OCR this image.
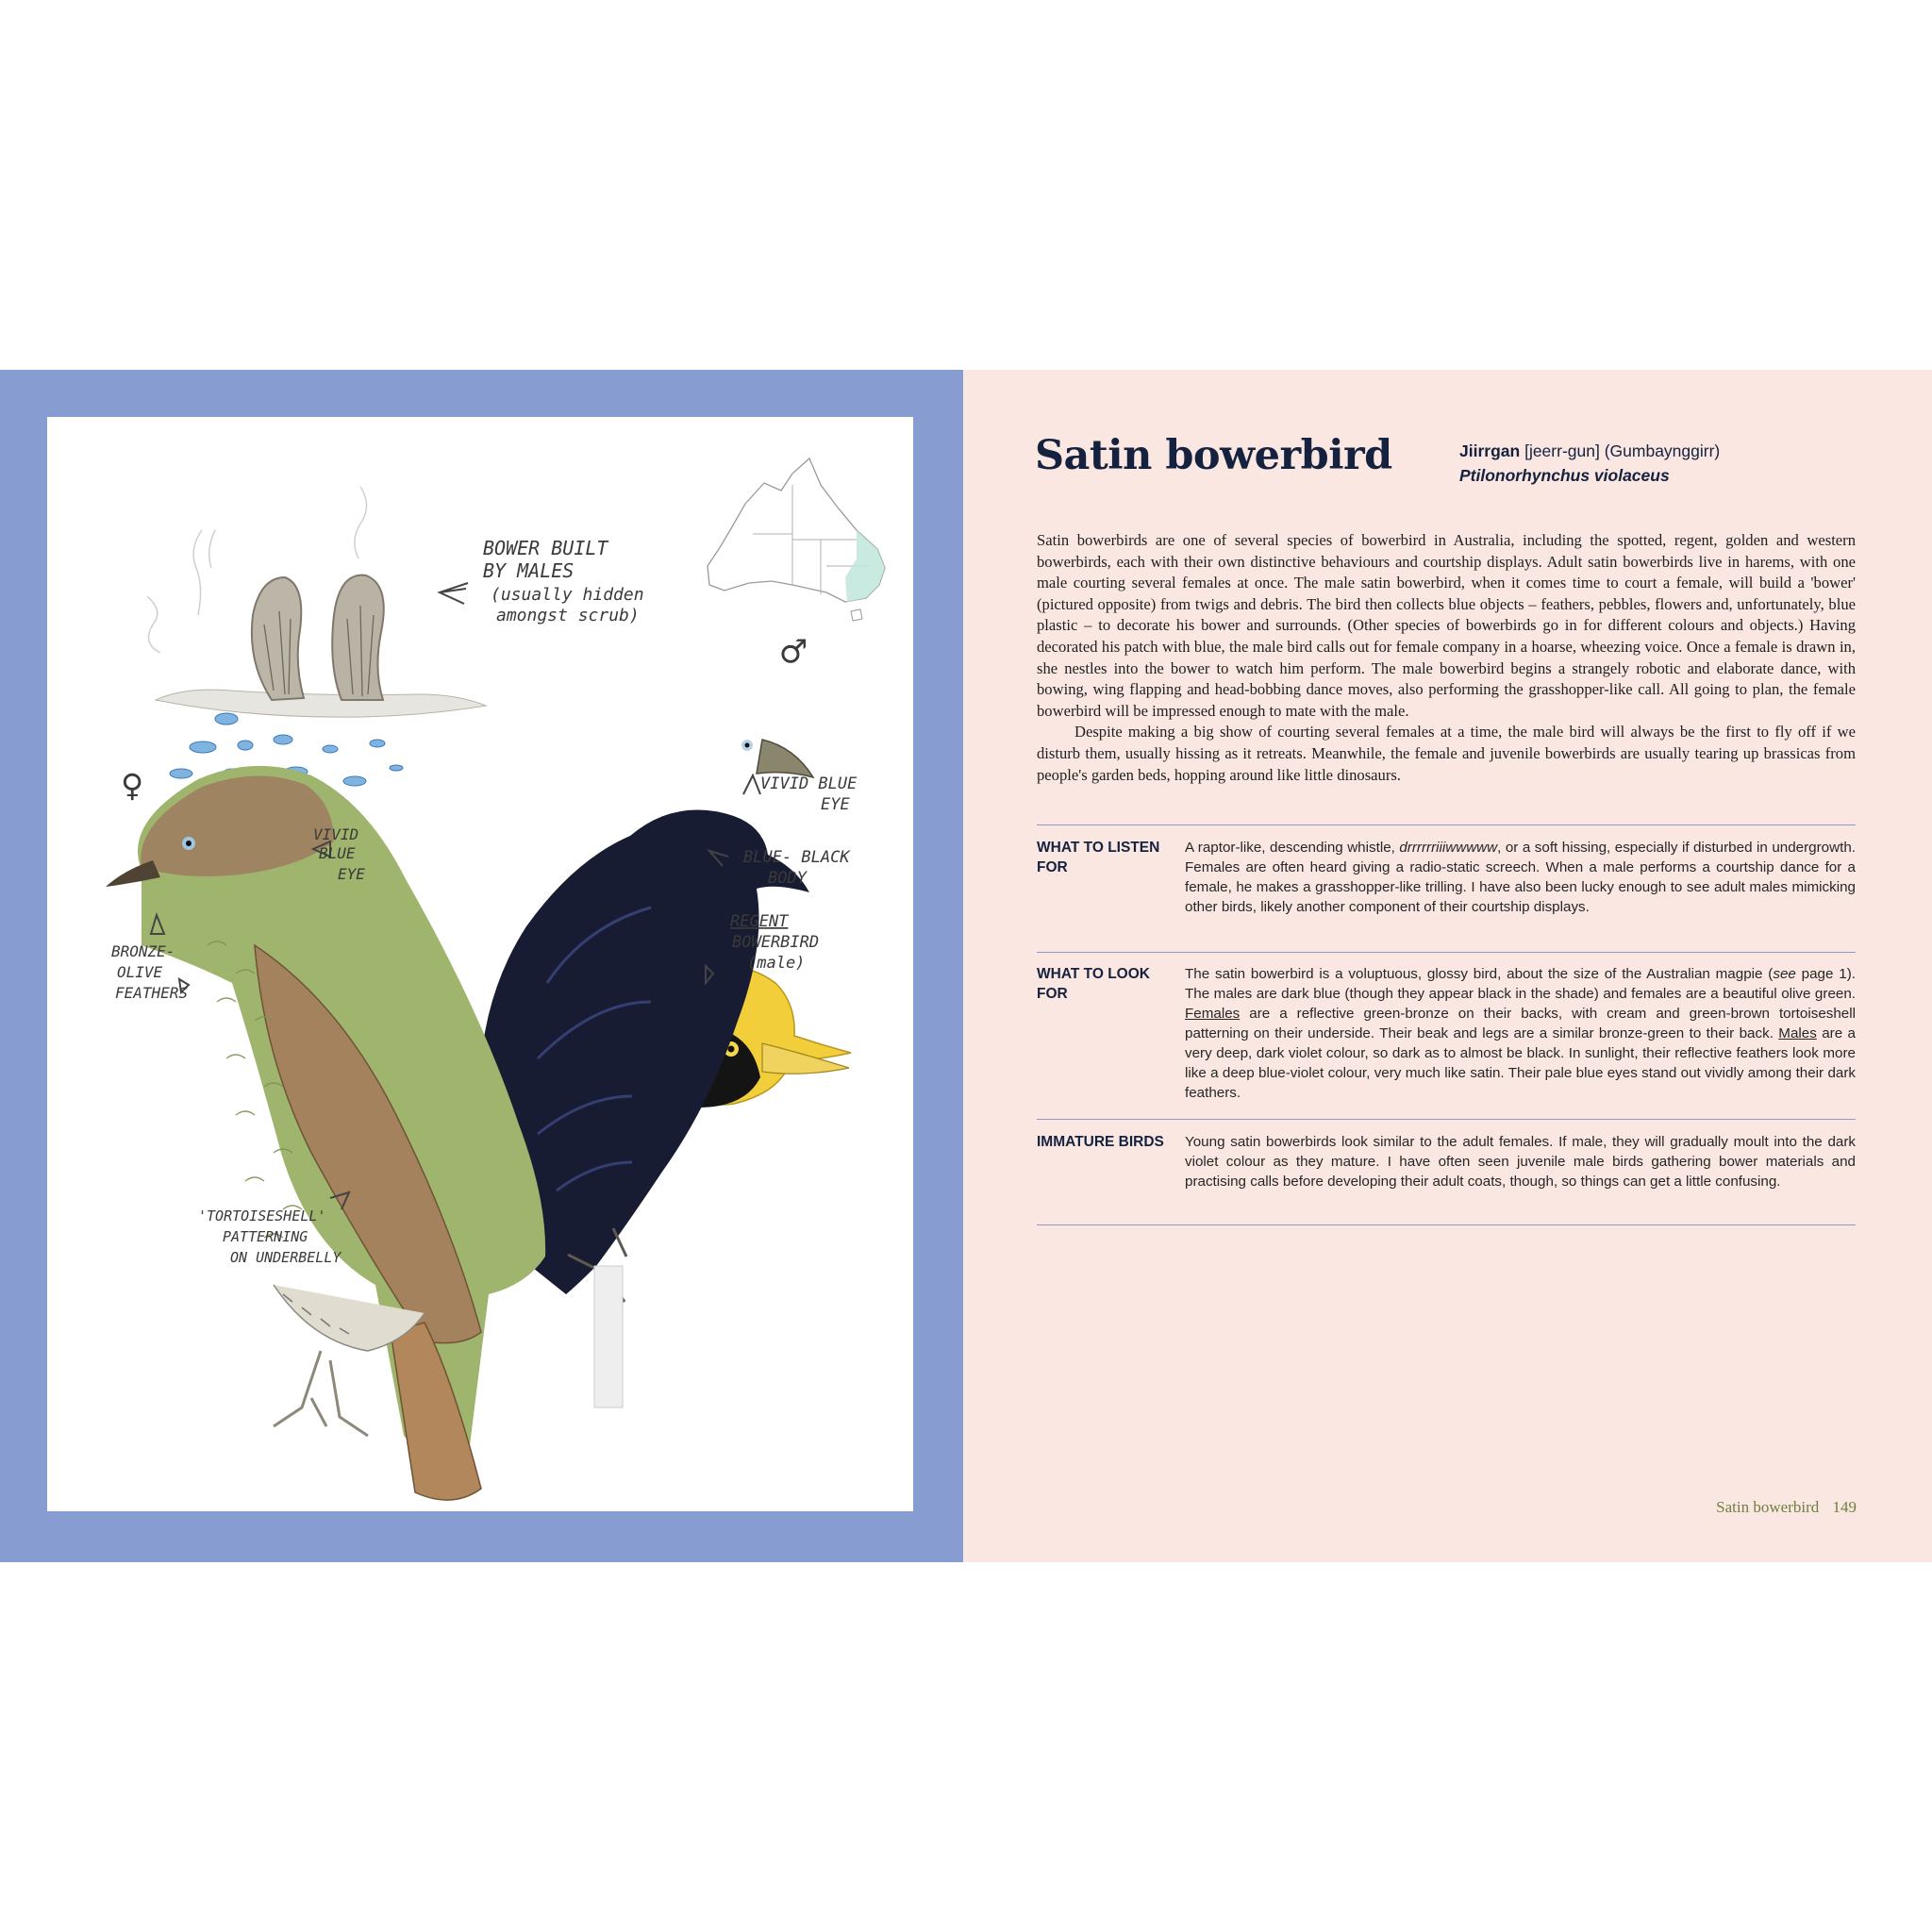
BOWER BUILT BY MALES (usually hidden amongst scrub)
♀
♂
VIVID BLUE EYE
VIVID BLUE EYE
BLUE- BLACK BODY
REGENT BOWERBIRD (male)
BRONZE- OLIVE FEATHERS
'TORTOISESHELL' PATTERNING ON UNDERBELLY
Satin bowerbird	Jiirrgan [jeerr-gun] (Gumbaynggirr)
Ptilonorhynchus violaceus

Satin bowerbirds are one of several species of bowerbird in Australia, including the spotted, regent, golden and western bowerbirds, each with their own distinctive behaviours and courtship displays. Adult satin bowerbirds live in harems, with one male courting several females at once. The male satin bowerbird, when it comes time to court a female, will build a 'bower' (pictured opposite) from twigs and debris. The bird then collects blue objects – feathers, pebbles, flowers and, unfortunately, blue plastic – to decorate his bower and surrounds. (Other species of bowerbirds go in for different colours and objects.) Having decorated his patch with blue, the male bird calls out for female company in a hoarse, wheezing voice. Once a female is drawn in, she nestles into the bower to watch him perform. The male bowerbird begins a strangely robotic and elaborate dance, with bowing, wing flapping and head-bobbing dance moves, also performing the grasshopper-like call. All going to plan, the female bowerbird will be impressed enough to mate with the male.

Despite making a big show of courting several females at a time, the male bird will always be the first to fly off if we disturb them, usually hissing as it retreats. Meanwhile, the female and juvenile bowerbirds are usually tearing up brassicas from people's garden beds, hopping around like little dinosaurs.

WHAT TO LISTEN FOR
A raptor-like, descending whistle, drrrrrriiiwwwww, or a soft hissing, especially if disturbed in undergrowth. Females are often heard giving a radio-static screech. When a male performs a courtship dance for a female, he makes a grasshopper-like trilling. I have also been lucky enough to see adult males mimicking other birds, likely another component of their courtship displays.
WHAT TO LOOK FOR
The satin bowerbird is a voluptuous, glossy bird, about the size of the Australian magpie (see page 1). The males are dark blue (though they appear black in the shade) and females are a beautiful olive green. Females are a reflective green-bronze on their backs, with cream and green-brown tortoiseshell patterning on their underside. Their beak and legs are a similar bronze-green to their back. Males are a very deep, dark violet colour, so dark as to almost be black. In sunlight, their reflective feathers look more like a deep blue-violet colour, very much like satin. Their pale blue eyes stand out vividly among their dark feathers.
IMMATURE BIRDS	Young satin bowerbirds look similar to the adult females. If male, they will gradually moult into the dark violet colour as they mature. I have often seen juvenile male birds gathering bower materials and practising calls before developing their adult coats, though, so things can get a little confusing.
Satin bowerbird 149
